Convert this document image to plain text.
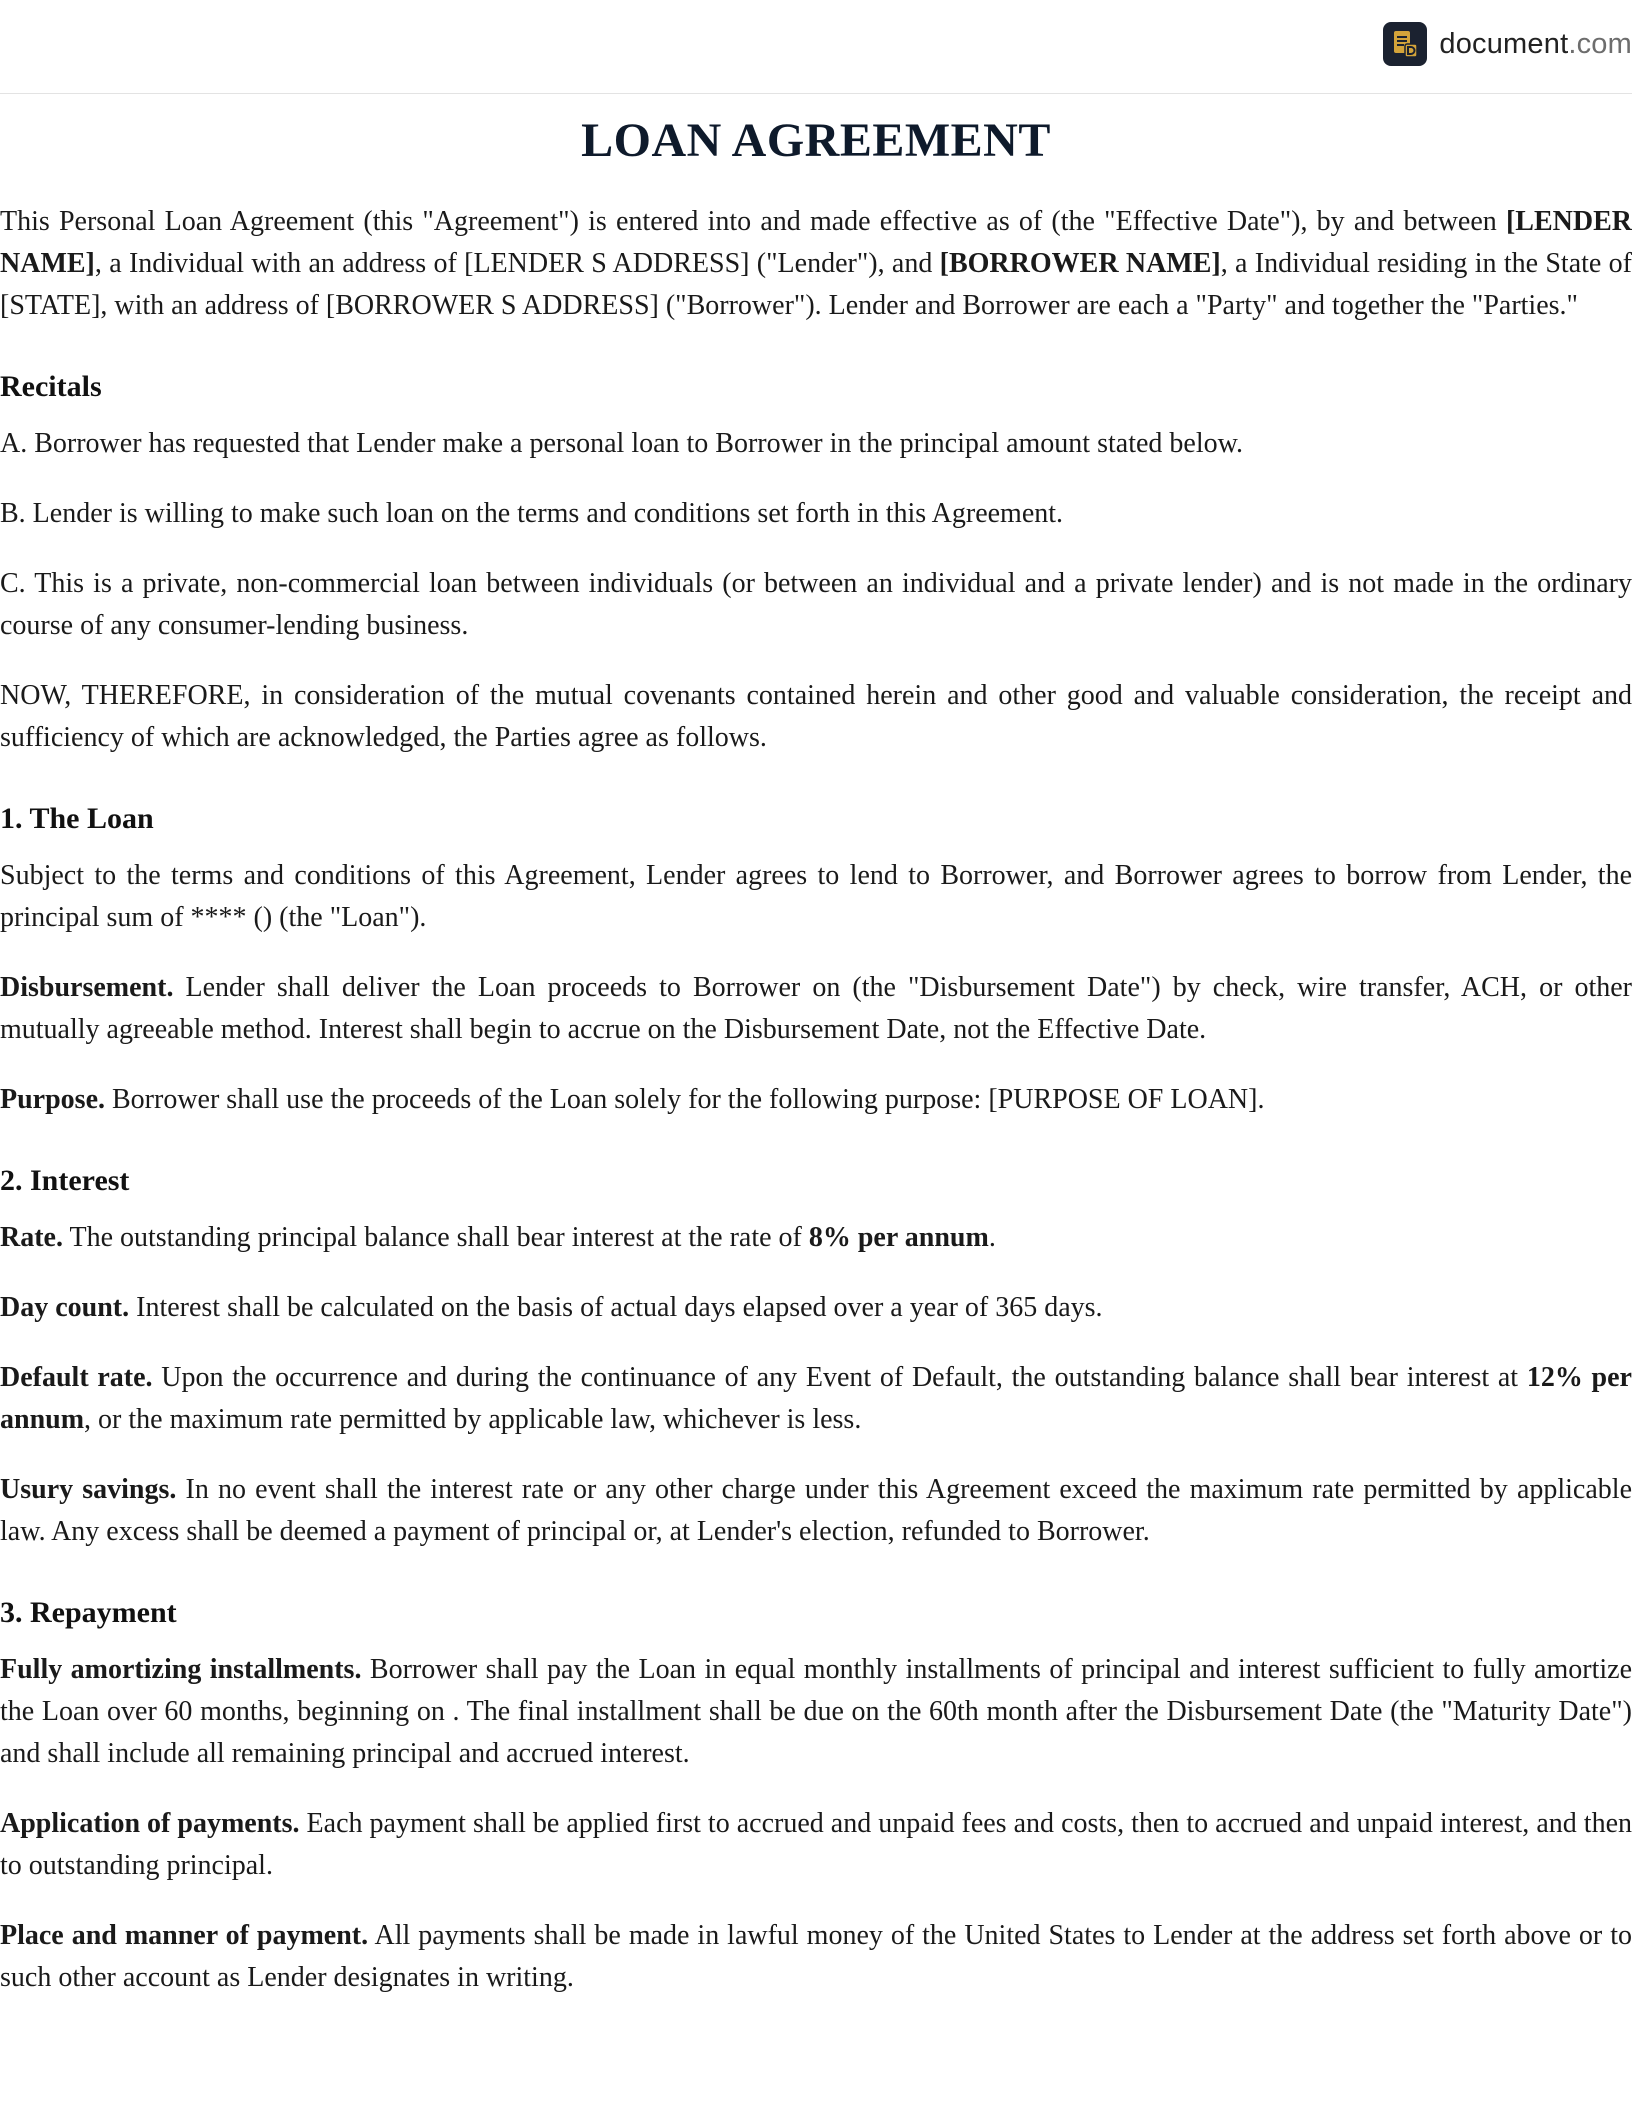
document.com
LOAN AGREEMENT

This Personal Loan Agreement (this "Agreement") is entered into and made effective as of (the "Effective Date"), by and between [LENDER NAME], a Individual with an address of [LENDER S ADDRESS] ("Lender"), and [BORROWER NAME], a Individual residing in the State of [STATE], with an address of [BORROWER S ADDRESS] ("Borrower"). Lender and Borrower are each a "Party" and together the "Parties."

Recitals

A. Borrower has requested that Lender make a personal loan to Borrower in the principal amount stated below.

B. Lender is willing to make such loan on the terms and conditions set forth in this Agreement.

C. This is a private, non-commercial loan between individuals (or between an individual and a private lender) and is not made in the ordinary course of any consumer-lending business.

NOW, THEREFORE, in consideration of the mutual covenants contained herein and other good and valuable consideration, the receipt and sufficiency of which are acknowledged, the Parties agree as follows.

1. The Loan

Subject to the terms and conditions of this Agreement, Lender agrees to lend to Borrower, and Borrower agrees to borrow from Lender, the principal sum of **** () (the "Loan").

Disbursement. Lender shall deliver the Loan proceeds to Borrower on (the "Disbursement Date") by check, wire transfer, ACH, or other mutually agreeable method. Interest shall begin to accrue on the Disbursement Date, not the Effective Date.

Purpose. Borrower shall use the proceeds of the Loan solely for the following purpose: [PURPOSE OF LOAN].

2. Interest

Rate. The outstanding principal balance shall bear interest at the rate of 8% per annum.

Day count. Interest shall be calculated on the basis of actual days elapsed over a year of 365 days.

Default rate. Upon the occurrence and during the continuance of any Event of Default, the outstanding balance shall bear interest at 12% per annum, or the maximum rate permitted by applicable law, whichever is less.

Usury savings. In no event shall the interest rate or any other charge under this Agreement exceed the maximum rate permitted by applicable law. Any excess shall be deemed a payment of principal or, at Lender's election, refunded to Borrower.

3. Repayment

Fully amortizing installments. Borrower shall pay the Loan in equal monthly installments of principal and interest sufficient to fully amortize the Loan over 60 months, beginning on . The final installment shall be due on the 60th month after the Disbursement Date (the "Maturity Date") and shall include all remaining principal and accrued interest.

Application of payments. Each payment shall be applied first to accrued and unpaid fees and costs, then to accrued and unpaid interest, and then to outstanding principal.

Place and manner of payment. All payments shall be made in lawful money of the United States to Lender at the address set forth above or to such other account as Lender designates in writing.
